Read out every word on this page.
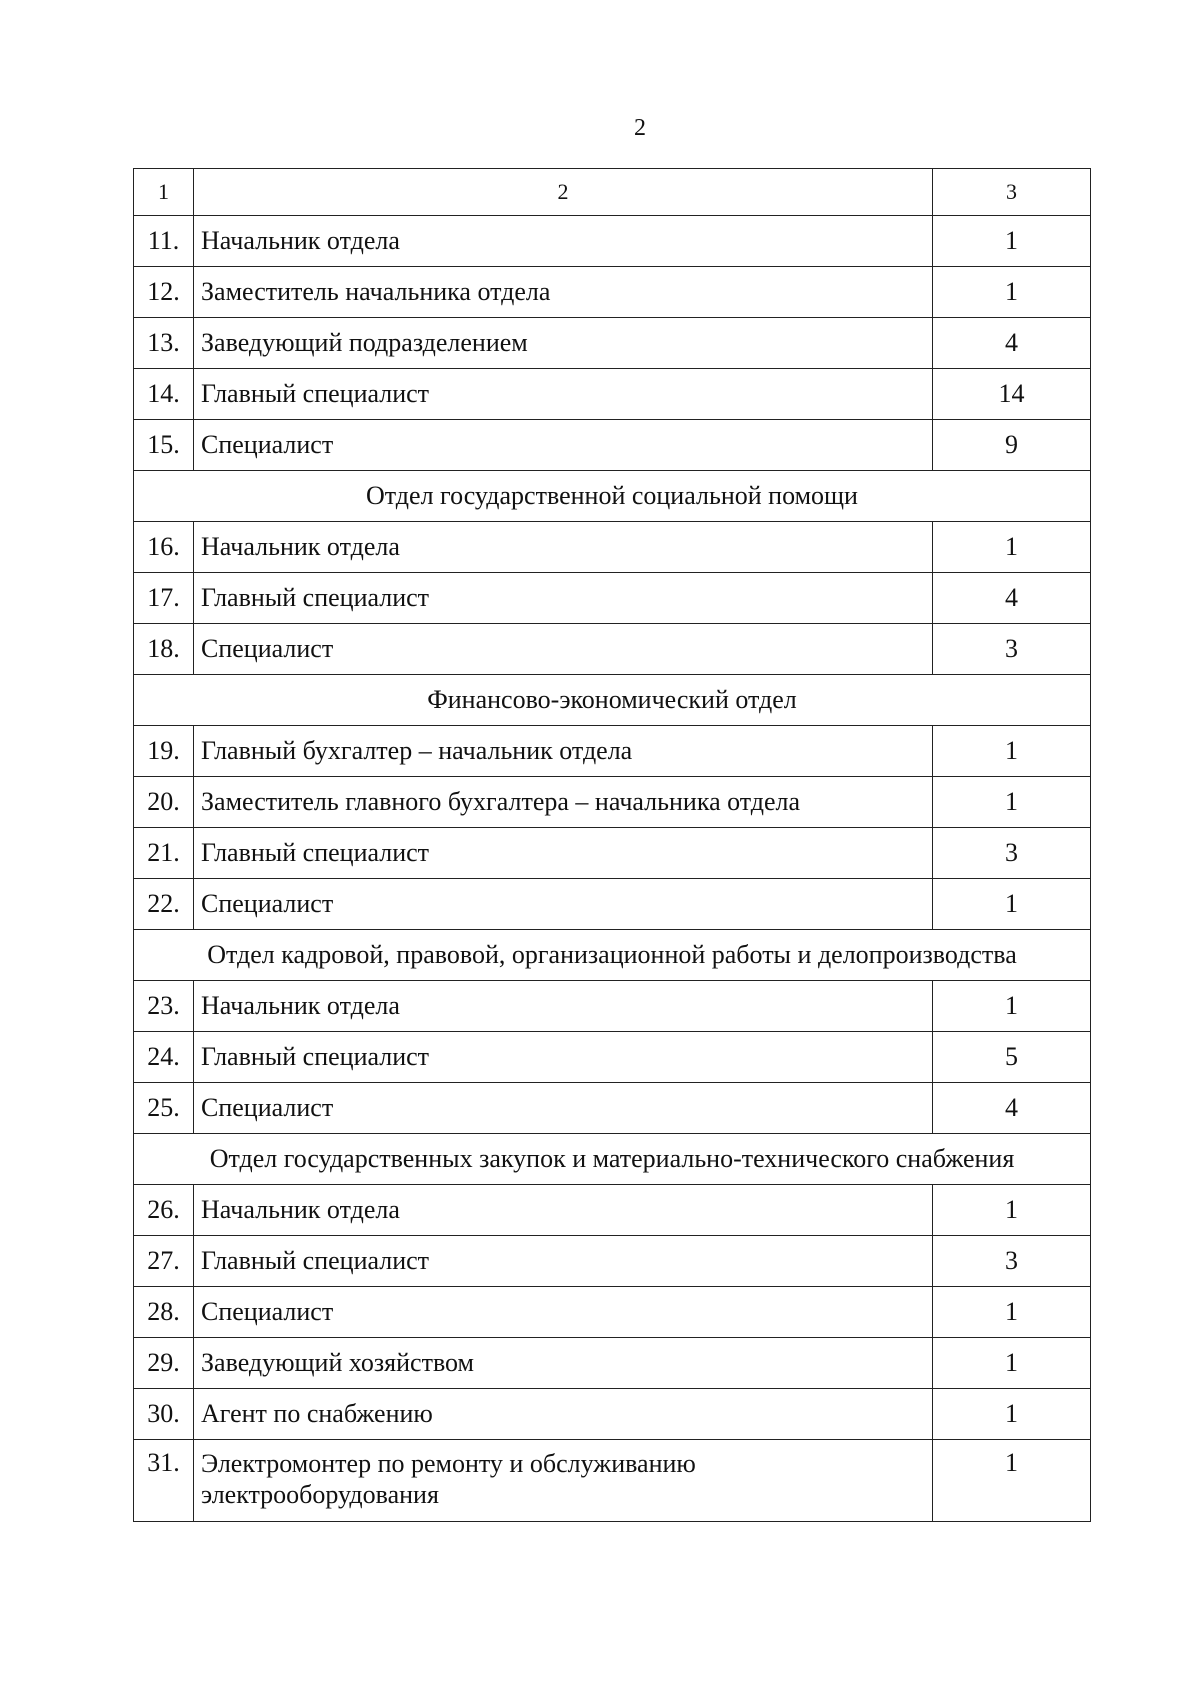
2
1	2	3
11.	Начальник отдела	1
12.	Заместитель начальника отдела	1
13.	Заведующий подразделением	4
14.	Главный специалист	14
15.	Специалист	9
Отдел государственной социальной помощи		
16.	Начальник отдела	1
17.	Главный специалист	4
18.	Специалист	3
Финансово-экономический отдел		
19.	Главный бухгалтер – начальник отдела	1
20.	Заместитель главного бухгалтера – начальника отдела	1
21.	Главный специалист	3
22.	Специалист	1
Отдел кадровой, правовой, организационной работы и делопроизводства		
23.	Начальник отдела	1
24.	Главный специалист	5
25.	Специалист	4
Отдел государственных закупок и материально-технического снабжения		
26.	Начальник отдела	1
27.	Главный специалист	3
28.	Специалист	1
29.	Заведующий хозяйством	1
30.	Агент по снабжению	1
31.	Электромонтер по ремонту и обслуживанию электрооборудования	1
